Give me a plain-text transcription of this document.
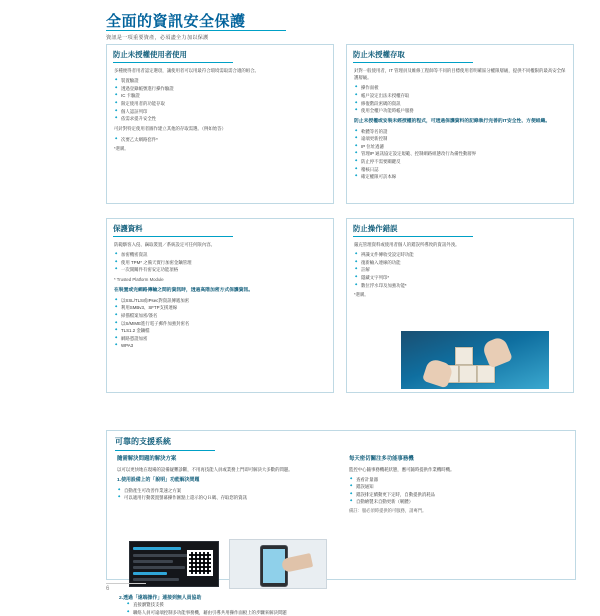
全面的資訊安全保護
資訊是一項重要資產，必須盡全力加以保護
防止未授權使用者使用
多種便得者用者認定選項，讓使用者可以用最符合環境需取需合適的組合。
◆ 裝置驗證
◆ 透過登錄帳號進行操作驗證
◆ IC 卡驗證
◆ 限定使用者的功能存取
◆ 個人認証列印
◆ 依需求提升安全性
可針對特定使用者圖作建立其他的存取需選。（例如始答）
◆ 次要乙太網路套件*
*選購。
防止未授權存取
針對一般使用者，IT 管理員及維修工程師等不同的目標使用者明確區分權限層級，提供不同權限的最高安全保護層級。
◆ 操作面板
◆ 帳戶設定出法未授權存取
◆ 修復階段密碼的資訊
◆ 使用全權戶功能時帳戶服務
防止未授權或安裝未經授權的程式，可透過保護資料的記錄執行完善的IT安全性、方便組織。
◆ 軟體等名的證
◆ 遠端更新控制
◆ IP 位址過濾
◆ 管理IP 通訊協定設定規範、控制網路組態改行為備性動層界
◆ 防止停不需要關鍵反
◆ 稽核日誌
◆ 確定權限可訪本線
保護資料
防範駭客入侵、竊取裝置／系統設定可任何限內容。
◆ 加密機密資訊
◆ 使用 TPM* 之備天實行加密金鑰管理
◆ 一次開關件有密安定功能項格
* Trusted Platform Module
在裝置或完網路傳輸之間的資訊時，透過高階加密方式保護資訊。
◆ 以SSL/TLS或IPsec對資訊傳遞加密
◆ 利用SMBv3、SFTP支援連線
◆ 掃描檔案加密/簽名
◆ 以S/MIME進行電子郵件加強封密名
◆ TLS1.2 金鑰檔
◆ 網路憑證加密
◆ WPA3
防止操作錯誤
嚴充管理資料或使用者個人的錯誤所導致的資訊外洩。
◆ 辨識文件傳收受設定時功能
◆ 復新輸入連線的功能
◆ 註解
◆ 隱藏文字列印*
◆ 數位浮水印及加強功能*
*選購。
可靠的支援系統
隨需解決問題的解決方案
以可以更快地在現場的設備疑難診斷，不用再技能人員或業務上門即可解決大多數的問題。
1.使用設備上的「說明」功能解決問題
◆ 自動產生可改善作業速之方案
◆ 可以適用行動裝置螢幕操作匯點上還示的ＱＲ碼、存取您的資訊
2.透過「遠端操作」連接到無人員協助
◆ 直接瀏覽技支援
◆ 聯絡人員可遠端控制多功能事務機，藉由引導共用操作面板上的步驟來解決問題
每天密切關注多功能事務機
監控中心隨事務機耗狀態，應可隨時提供作業機時機。
◆ 查看計量器
◆ 錯誤通知
◆ 錯誤排定續動更下定時，自動提供消耗品
◆ 自動繪製未自動更新（韌體）
備註：服必須時提供的可服務，請專門。
6
